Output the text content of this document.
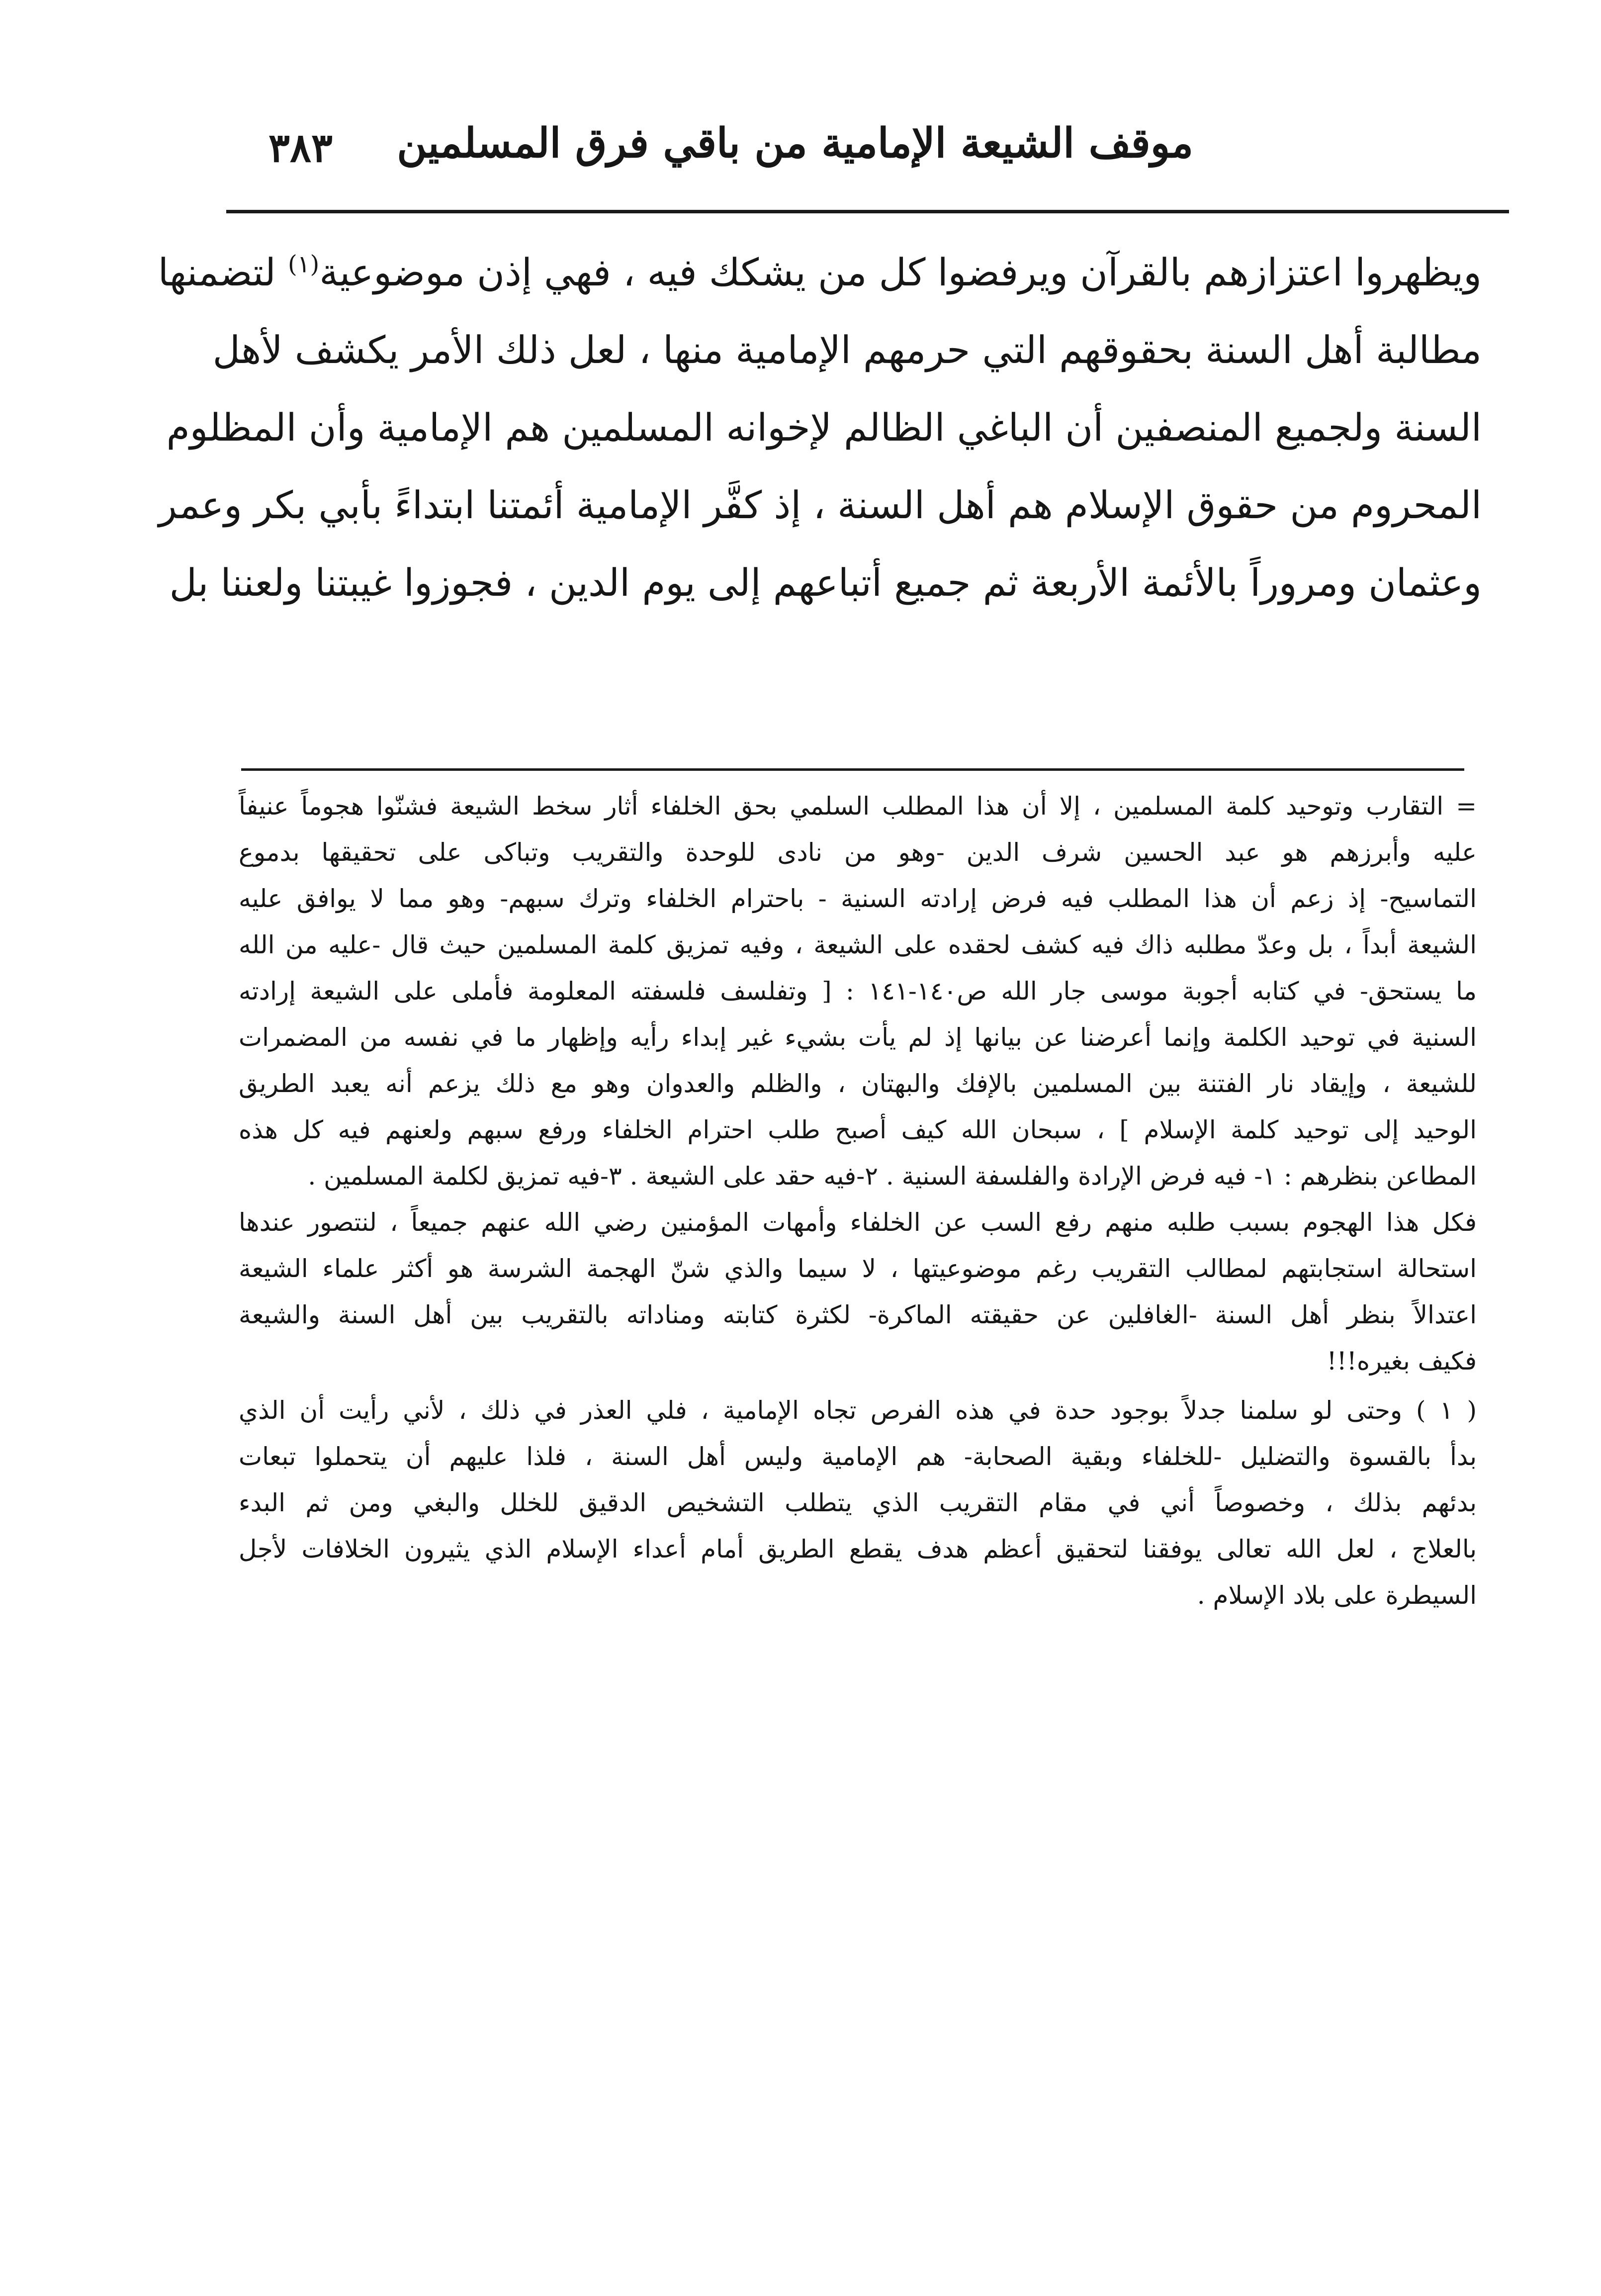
موقف الشيعة الإمامية من باقي فرق المسلمين
٣٨٣
ويظهروا اعتزازهم بالقرآن ويرفضوا كل من يشكك فيه ، فهي إذن موضوعية$^{(١)}$ لتضمنها
مطالبة أهل السنة بحقوقهم التي حرمهم الإمامية منها ، لعل ذلك الأمر يكشف لأهل
السنة ولجميع المنصفين أن الباغي الظالم لإخوانه المسلمين هم الإمامية وأن المظلوم
المحروم من حقوق الإسلام هم أهل السنة ، إذ كفَّر الإمامية أئمتنا ابتداءً بأبي بكر وعمر
وعثمان ومروراً بالأئمة الأربعة ثم جميع أتباعهم إلى يوم الدين ، فجوزوا غيبتنا ولعننا بل
= التقارب وتوحيد كلمة المسلمين ، إلا أن هذا المطلب السلمي بحق الخلفاء أثار سخط الشيعة فشنّوا هجوماً عنيفاً
عليه وأبرزهم هو عبد الحسين شرف الدين -وهو من نادى للوحدة والتقريب وتباكى على تحقيقها بدموع
التماسيح- إذ زعم أن هذا المطلب فيه فرض إرادته السنية - باحترام الخلفاء وترك سبهم- وهو مما لا يوافق عليه
الشيعة أبداً ، بل وعدّ مطلبه ذاك فيه كشف لحقده على الشيعة ، وفيه تمزيق كلمة المسلمين حيث قال -عليه من الله
ما يستحق- في كتابه أجوبة موسى جار الله ص١٤٠-١٤١ : [ وتفلسف فلسفته المعلومة فأملى على الشيعة إرادته
السنية في توحيد الكلمة وإنما أعرضنا عن بيانها إذ لم يأت بشيء غير إبداء رأيه وإظهار ما في نفسه من المضمرات
للشيعة ، وإيقاد نار الفتنة بين المسلمين بالإفك والبهتان ، والظلم والعدوان وهو مع ذلك يزعم أنه يعبد الطريق
الوحيد إلى توحيد كلمة الإسلام ] ، سبحان الله كيف أصبح طلب احترام الخلفاء ورفع سبهم ولعنهم فيه كل هذه
المطاعن بنظرهم : ١- فيه فرض الإرادة والفلسفة السنية . ٢-فيه حقد على الشيعة . ٣-فيه تمزيق لكلمة المسلمين .
فكل هذا الهجوم بسبب طلبه منهم رفع السب عن الخلفاء وأمهات المؤمنين رضي الله عنهم جميعاً ، لنتصور عندها
استحالة استجابتهم لمطالب التقريب رغم موضوعيتها ، لا سيما والذي شنّ الهجمة الشرسة هو أكثر علماء الشيعة
اعتدالاً بنظر أهل السنة -الغافلين عن حقيقته الماكرة- لكثرة كتابته ومناداته بالتقريب بين أهل السنة والشيعة
فكيف بغيره!!!
( ١ ) وحتى لو سلمنا جدلاً بوجود حدة في هذه الفرص تجاه الإمامية ، فلي العذر في ذلك ، لأني رأيت أن الذي
بدأ بالقسوة والتضليل -للخلفاء وبقية الصحابة- هم الإمامية وليس أهل السنة ، فلذا عليهم أن يتحملوا تبعات
بدئهم بذلك ، وخصوصاً أني في مقام التقريب الذي يتطلب التشخيص الدقيق للخلل والبغي ومن ثم البدء
بالعلاج ، لعل الله تعالى يوفقنا لتحقيق أعظم هدف يقطع الطريق أمام أعداء الإسلام الذي يثيرون الخلافات لأجل
السيطرة على بلاد الإسلام .
